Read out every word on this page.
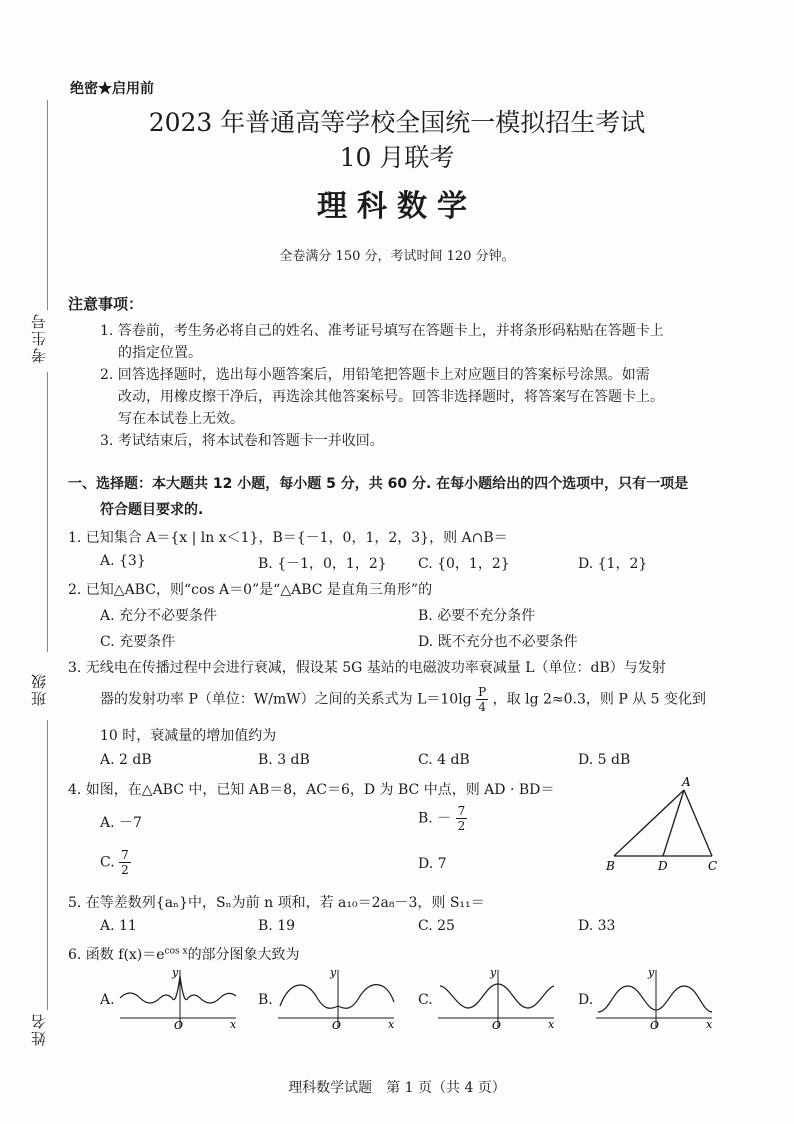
考生号
班级
姓名
绝密★启用前
2023 年普通高等学校全国统一模拟招生考试
10 月联考
理科数学
全卷满分 150 分，考试时间 120 分钟。
注意事项：
1. 答卷前，考生务必将自己的姓名、准考证号填写在答题卡上，并将条形码粘贴在答题卡上
的指定位置。
2. 回答选择题时，选出每小题答案后，用铅笔把答题卡上对应题目的答案标号涂黑。如需
改动，用橡皮擦干净后，再选涂其他答案标号。回答非选择题时，将答案写在答题卡上。
写在本试卷上无效。
3. 考试结束后，将本试卷和答题卡一并收回。
一、选择题：本大题共 12 小题，每小题 5 分，共 60 分. 在每小题给出的四个选项中，只有一项是
符合题目要求的.
1. 已知集合 A＝{x | ln x＜1}，B＝{－1，0，1，2，3}，则 A∩B＝
A. {3}	B. {－1，0，1，2} C. {0，1，2}	D. {1，2}
2. 已知△ABC，则“cos A＝0”是“△ABC 是直角三角形”的
A. 充分不必要条件	B. 必要不充分条件
C. 充要条件	D. 既不充分也不必要条件
3. 无线电在传播过程中会进行衰减，假设某 5G 基站的电磁波功率衰减量 L（单位：dB）与发射
器的发射功率 P（单位：W/mW）之间的关系式为 $L=10\lg \frac{P}{4}$ ，取 lg 2≈0.3，则 P 从 5 变化到
10 时，衰减量的增加值约为
A. 2 dB	B. 3 dB	C. 4 dB	D. 5 dB
4. 如图，在△ABC 中，已知 AB＝8，AC＝6，D 为 BC 中点，则 AD · BD＝
A. －7	B. － $\frac{7}{2}$
C. $\frac{7}{2}$	D. 7
A
B	D	C
5. 在等差数列{aₙ}中，Sₙ为前 n 项和，若 a₁₀＝2a₈－3，则 S₁₁＝
A. 11	B. 19	C. 25	D. 33
6. 函数 $f(x)=e^{cos x}$的部分图象大致为
A.	B.	C.	D.
y
x
O
y
x
O
y
x
O
y
x
O
理科数学试题　第 1 页（共 4 页）
